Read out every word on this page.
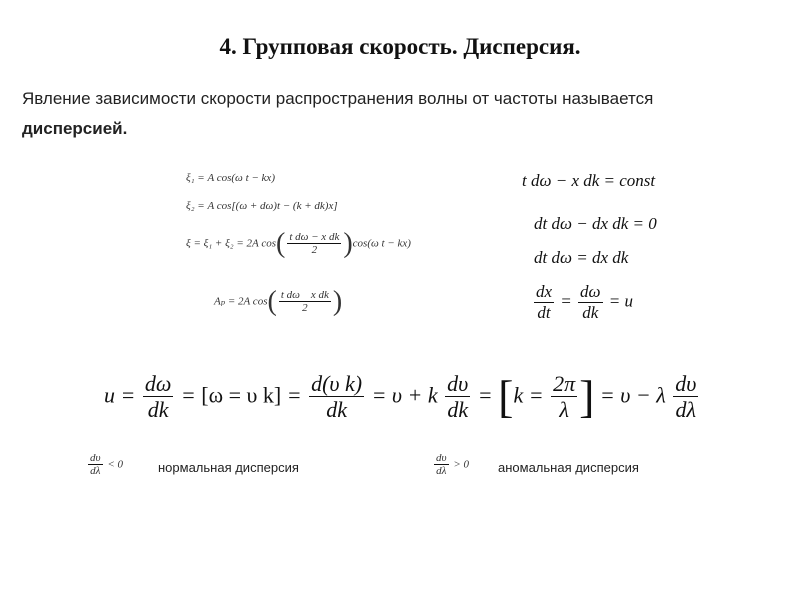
4. Групповая скорость. Дисперсия.
Явление зависимости скорости распространения волны от частоты называется
дисперсией.
ξ₁ = A cos(ω t − kx)
ξ₂ = A cos[(ω + dω)t − (k + dk)x]
ξ = ξ₁ + ξ₂ = 2A $\cos( \frac{\text{t dω − x dk}}{2} )\cos(\omega$ t − kx)
Aₚ = 2A $\cos( \frac{\text{t dω    x dk}}{2}$ )
t dω − x dk = const
dt dω − dx dk = 0
dt dω = dx dk
$\frac{dx}{dt} = \frac{d\omega}{dk} = u$
$u = \frac{d\omega}{dk} = [\omega = \upsilon$ $k] = \frac{\text{d(υ k)}}{dk} = \upsilon + k \frac{d\upsilon}{dk} = [k = \frac{2\pi}{\lambda}$ ] = υ − λ $\frac{d\upsilon}{d\lambda}$
$\frac{d\upsilon}{d\lambda} < 0$	нормальная дисперсия	$\frac{d\upsilon}{d\lambda} > 0$ аномальная дисперсия
